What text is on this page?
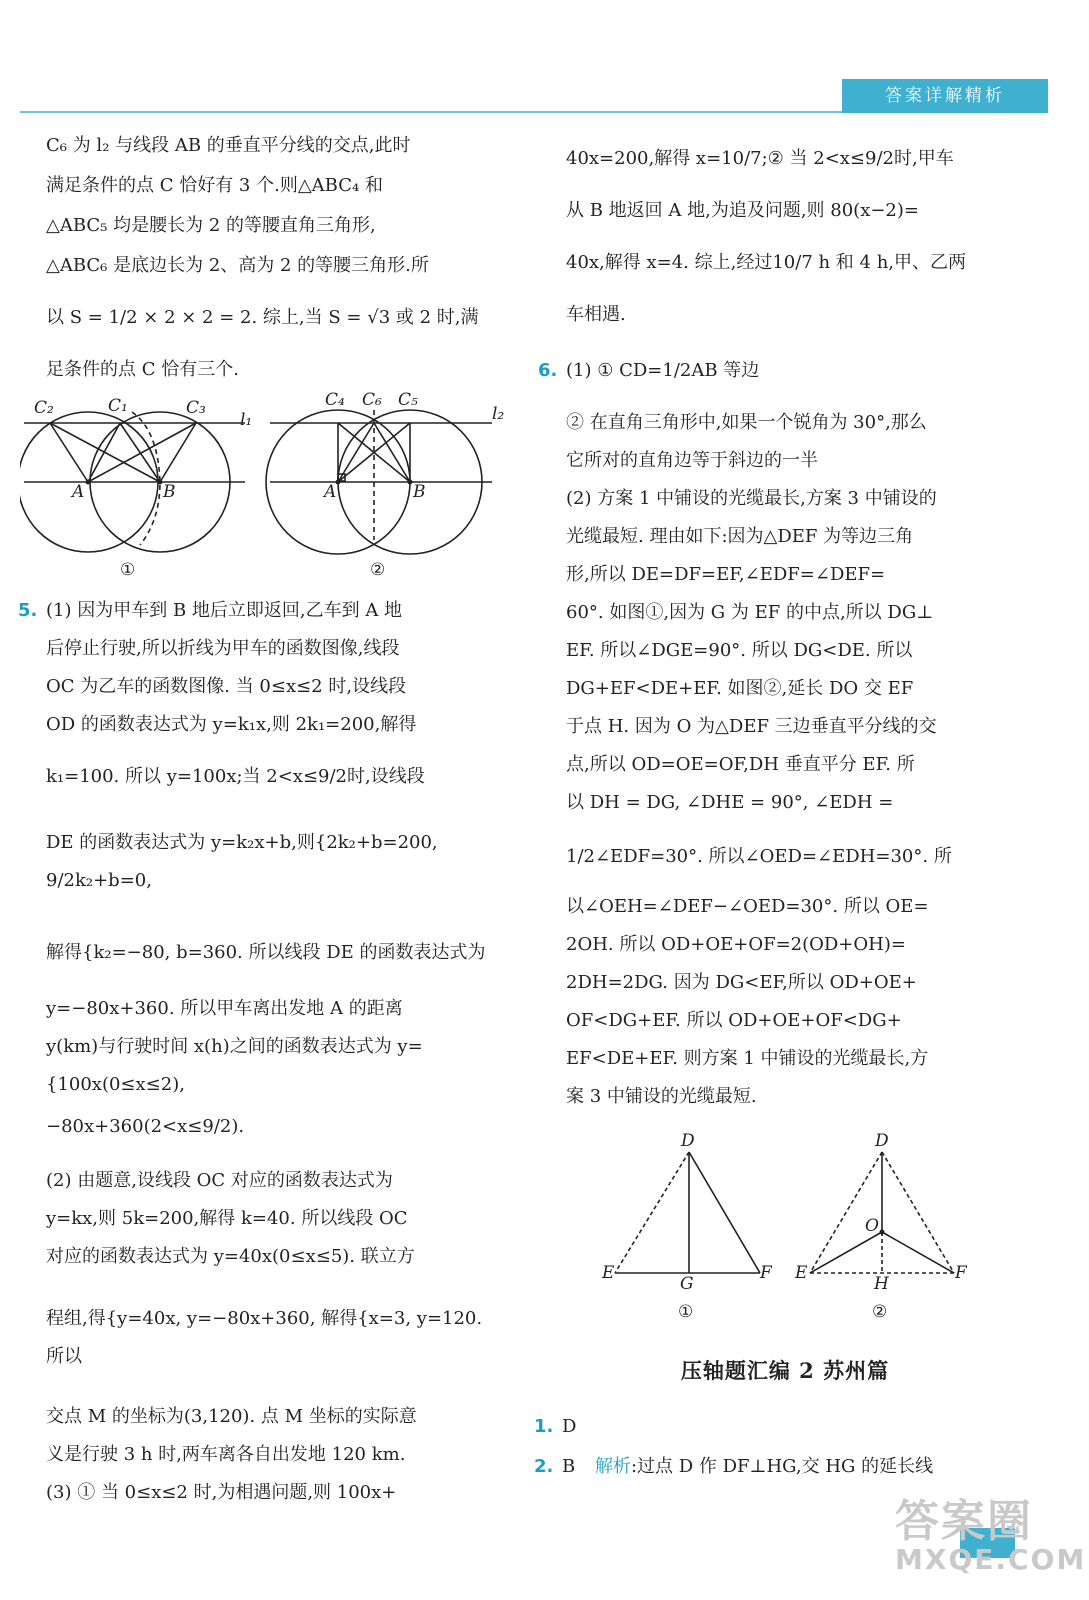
答案详解精析

C₆ 为 l₂ 与线段 AB 的垂直平分线的交点,此时

满足条件的点 C 恰好有 3 个.则△ABC₄ 和

△ABC₅ 均是腰长为 2 的等腰直角三角形,

△ABC₆ 是底边长为 2、高为 2 的等腰三角形.所

以 S = 1/2 × 2 × 2 = 2. 综上,当 S = √3 或 2 时,满

足条件的点 C 恰有三个.

C₂	C₁	C₃
l₁
A	B
①
C₄ C₆ C₅
l₂
A	B
②
5. (1) 因为甲车到 B 地后立即返回,乙车到 A 地

后停止行驶,所以折线为甲车的函数图像,线段

OC 为乙车的函数图像. 当 0≤x≤2 时,设线段

OD 的函数表达式为 y=k₁x,则 2k₁=200,解得

k₁=100. 所以 y=100x;当 2<x≤9/2时,设线段

DE 的函数表达式为 y=k₂x+b,则{2k₂+b=200, 9/2k₂+b=0,

解得{k₂=−80, b=360. 所以线段 DE 的函数表达式为

y=−80x+360. 所以甲车离出发地 A 的距离

y(km)与行驶时间 x(h)之间的函数表达式为 y=

{100x(0≤x≤2),

−80x+360(2<x≤9/2).

(2) 由题意,设线段 OC 对应的函数表达式为

y=kx,则 5k=200,解得 k=40. 所以线段 OC

对应的函数表达式为 y=40x(0≤x≤5). 联立方

程组,得{y=40x, y=−80x+360, 解得{x=3, y=120. 所以

交点 M 的坐标为(3,120). 点 M 坐标的实际意

义是行驶 3 h 时,两车离各自出发地 120 km.

(3) ① 当 0≤x≤2 时,为相遇问题,则 100x+

40x=200,解得 x=10/7;② 当 2<x≤9/2时,甲车

从 B 地返回 A 地,为追及问题,则 80(x−2)=

40x,解得 x=4. 综上,经过10/7 h 和 4 h,甲、乙两

车相遇.

6. (1) ① CD=1/2AB 等边

② 在直角三角形中,如果一个锐角为 30°,那么

它所对的直角边等于斜边的一半

(2) 方案 1 中铺设的光缆最长,方案 3 中铺设的

光缆最短. 理由如下:因为△DEF 为等边三角

形,所以 DE=DF=EF,∠EDF=∠DEF=

60°. 如图①,因为 G 为 EF 的中点,所以 DG⊥

EF. 所以∠DGE=90°. 所以 DG<DE. 所以

DG+EF<DE+EF. 如图②,延长 DO 交 EF

于点 H. 因为 O 为△DEF 三边垂直平分线的交

点,所以 OD=OE=OF,DH 垂直平分 EF. 所

以 DH = DG, ∠DHE = 90°, ∠EDH =

1/2∠EDF=30°. 所以∠OED=∠EDH=30°. 所

以∠OEH=∠DEF−∠OED=30°. 所以 OE=

2OH. 所以 OD+OE+OF=2(OD+OH)=

2DH=2DG. 因为 DG<EF,所以 OD+OE+

OF<DG+EF. 所以 OD+OE+OF<DG+

EF<DE+EF. 则方案 1 中铺设的光缆最长,方

案 3 中铺设的光缆最短.

D
E
G
F
①
D
O
E
H
F
②
压轴题汇编 2 苏州篇
1. D
2. B 解析:过点 D 作 DF⊥HG,交 HG 的延长线
答案圈
MXQE.COM
